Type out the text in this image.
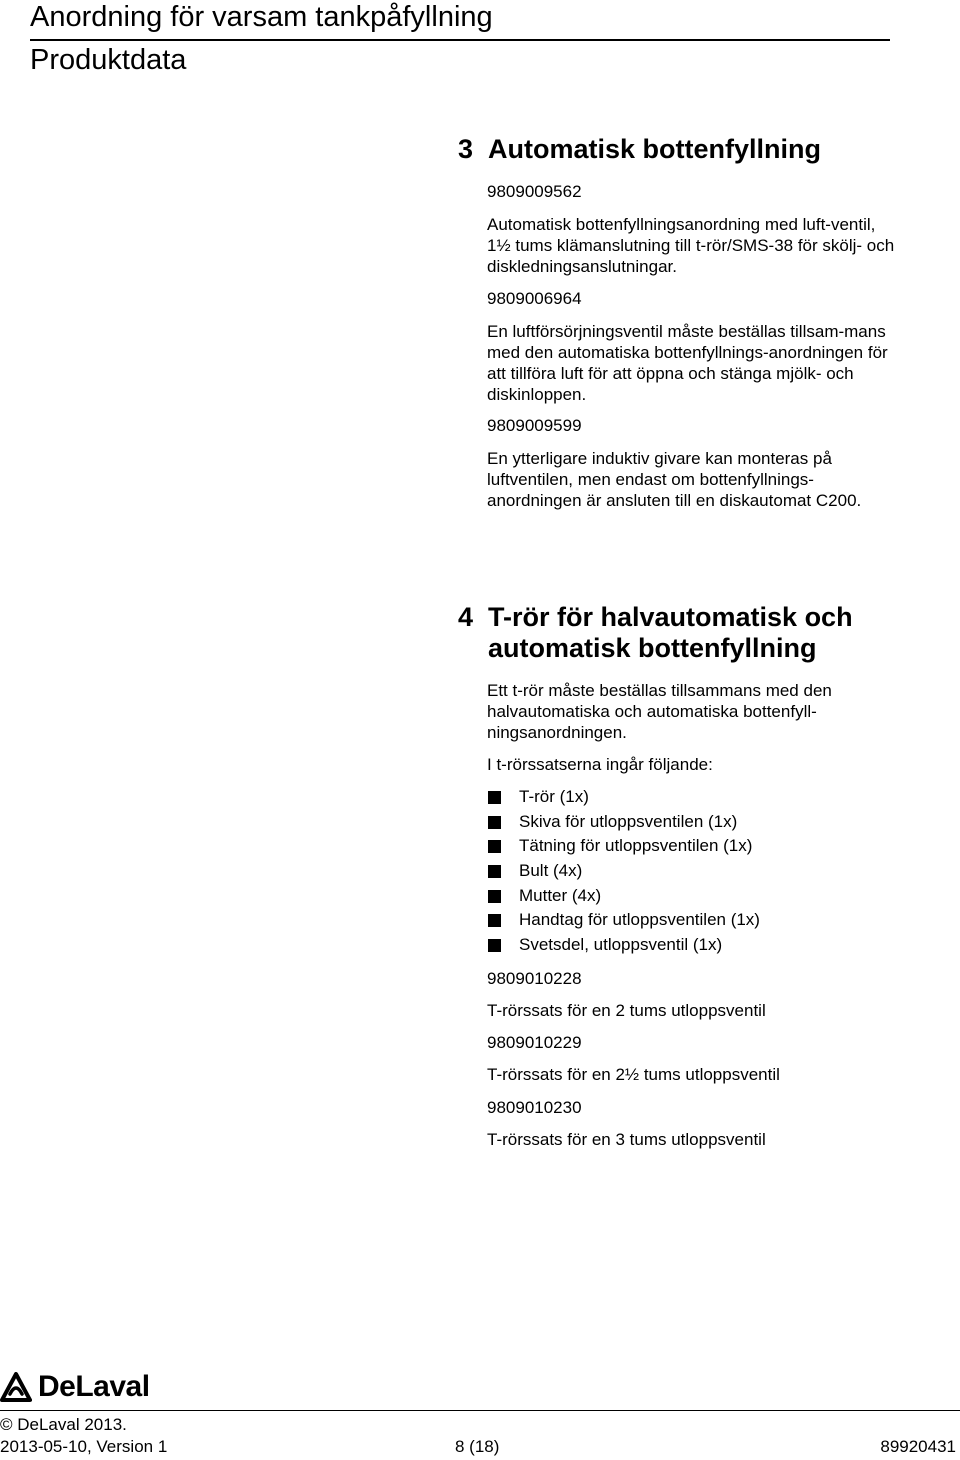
Anordning för varsam tankpåfyllning
Produktdata
3 Automatisk bottenfyllning
9809009562
Automatisk bottenfyllningsanordning med luft-ventil, 1½ tums klämanslutning till t-rör/SMS-38 för skölj- och diskledningsanslutningar.
9809006964
En luftförsörjningsventil måste beställas tillsam-mans med den automatiska bottenfyllnings-anordningen för att tillföra luft för att öppna och stänga mjölk- och diskinloppen.
9809009599
En ytterligare induktiv givare kan monteras på luftventilen, men endast om bottenfyllnings-anordningen är ansluten till en diskautomat C200.
4 T-rör för halvautomatisk och automatisk bottenfyllning
Ett t-rör måste beställas tillsammans med den halvautomatiska och automatiska bottenfyll-ningsanordningen.
I t-rörssatserna ingår följande:
T-rör (1x)
Skiva för utloppsventilen (1x)
Tätning för utloppsventilen (1x)
Bult (4x)
Mutter (4x)
Handtag för utloppsventilen (1x)
Svetsdel, utloppsventil (1x)
9809010228
T-rörssats för en 2 tums utloppsventil
9809010229
T-rörssats för en 2½ tums utloppsventil
9809010230
T-rörssats för en 3 tums utloppsventil
DeLaval
© DeLaval 2013.
2013-05-10, Version 1	8 (18)	89920431
